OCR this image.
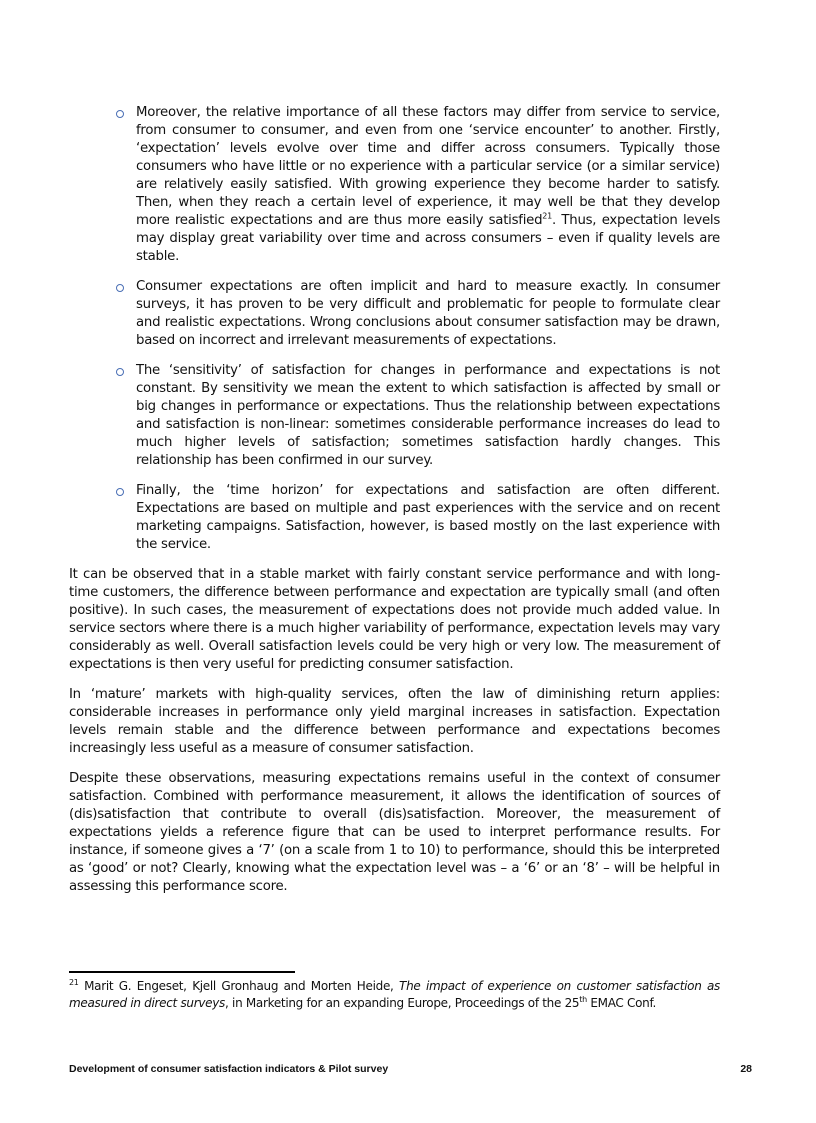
Moreover, the relative importance of all these factors may differ from service to service, from consumer to consumer, and even from one ‘service encounter’ to another. Firstly, ‘expectation’ levels evolve over time and differ across consumers. Typically those consumers who have little or no experience with a particular service (or a similar service) are relatively easily satisfied. With growing experience they become harder to satisfy. Then, when they reach a certain level of experience, it may well be that they develop more realistic expectations and are thus more easily satisfied$^{21}$. Thus, expectation levels may display great variability over time and across consumers – even if quality levels are stable.
Consumer expectations are often implicit and hard to measure exactly. In consumer surveys, it has proven to be very difficult and problematic for people to formulate clear and realistic expectations. Wrong conclusions about consumer satisfaction may be drawn, based on incorrect and irrelevant measurements of expectations.
The ‘sensitivity’ of satisfaction for changes in performance and expectations is not constant. By sensitivity we mean the extent to which satisfaction is affected by small or big changes in performance or expectations. Thus the relationship between expectations and satisfaction is non-linear: sometimes considerable performance increases do lead to much higher levels of satisfaction; sometimes satisfaction hardly changes. This relationship has been confirmed in our survey.
Finally, the ‘time horizon’ for expectations and satisfaction are often different. Expectations are based on multiple and past experiences with the service and on recent marketing campaigns. Satisfaction, however, is based mostly on the last experience with the service.

It can be observed that in a stable market with fairly constant service performance and with long-time customers, the difference between performance and expectation are typically small (and often positive). In such cases, the measurement of expectations does not provide much added value. In service sectors where there is a much higher variability of performance, expectation levels may vary considerably as well. Overall satisfaction levels could be very high or very low. The measurement of expectations is then very useful for predicting consumer satisfaction.

In ‘mature’ markets with high-quality services, often the law of diminishing return applies: considerable increases in performance only yield marginal increases in satisfaction. Expectation levels remain stable and the difference between performance and expectations becomes increasingly less useful as a measure of consumer satisfaction.

Despite these observations, measuring expectations remains useful in the context of consumer satisfaction. Combined with performance measurement, it allows the identification of sources of (dis)satisfaction that contribute to overall (dis)satisfaction. Moreover, the measurement of expectations yields a reference figure that can be used to interpret performance results. For instance, if someone gives a ‘7’ (on a scale from 1 to 10) to performance, should this be interpreted as ‘good’ or not? Clearly, knowing what the expectation level was – a ‘6’ or an ‘8’ – will be helpful in assessing this performance score.

$^{21}$ Marit G. Engeset, Kjell Gronhaug and Morten Heide, The impact of experience on customer satisfaction as measured in direct surveys, in Marketing for an expanding Europe, Proceedings of the 25th EMAC Conf.
Development of consumer satisfaction indicators & Pilot survey	28
